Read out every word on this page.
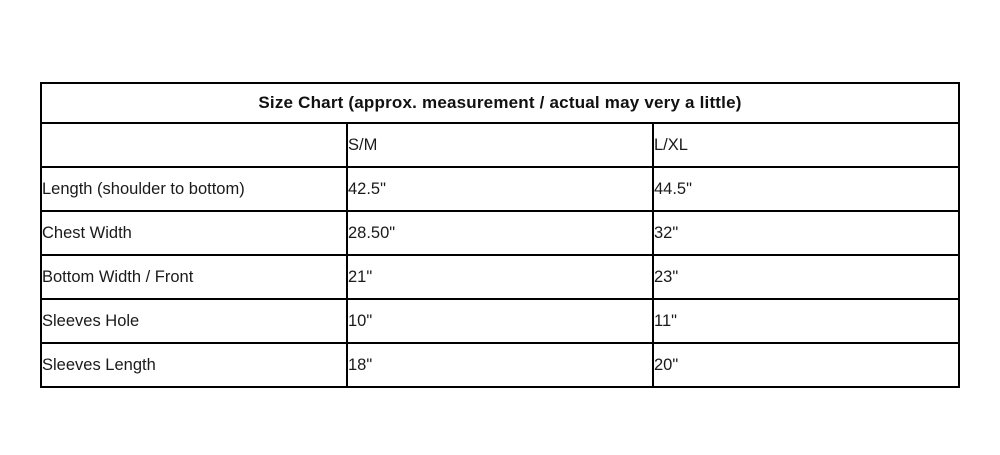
Size Chart (approx. measurement / actual may very a little)		
	S/M	L/XL
Length (shoulder to bottom)	42.5"	44.5"
Chest Width	28.50"	32"
Bottom Width / Front	21"	23"
Sleeves Hole	10"	11"
Sleeves Length	18"	20"
